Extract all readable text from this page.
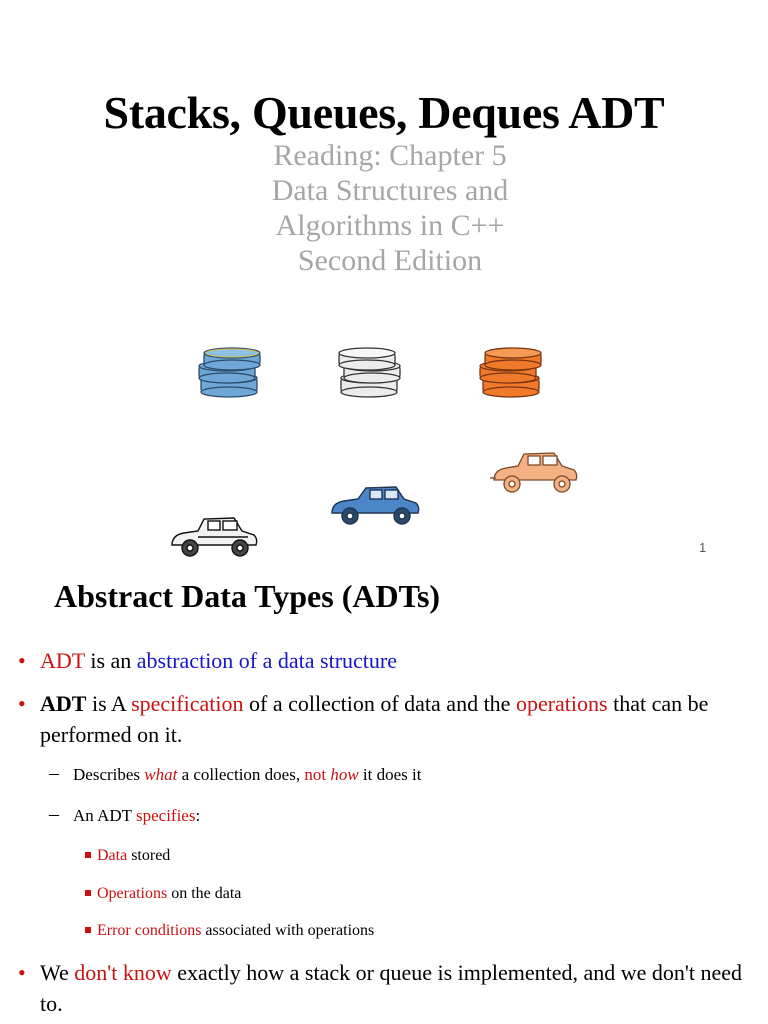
Stacks, Queues, Deques ADT
Reading: Chapter 5
Data Structures and
Algorithms in C++
Second Edition
1
Abstract Data Types (ADTs)
• ADT is an abstraction of a data structure
• ADT is A specification of a collection of data and the operations that can be performed on it.
– Describes what a collection does, not how it does it
– An ADT specifies:
Data stored
Operations on the data
Error conditions associated with operations
• We don't know exactly how a stack or queue is implemented, and we don't need to.
